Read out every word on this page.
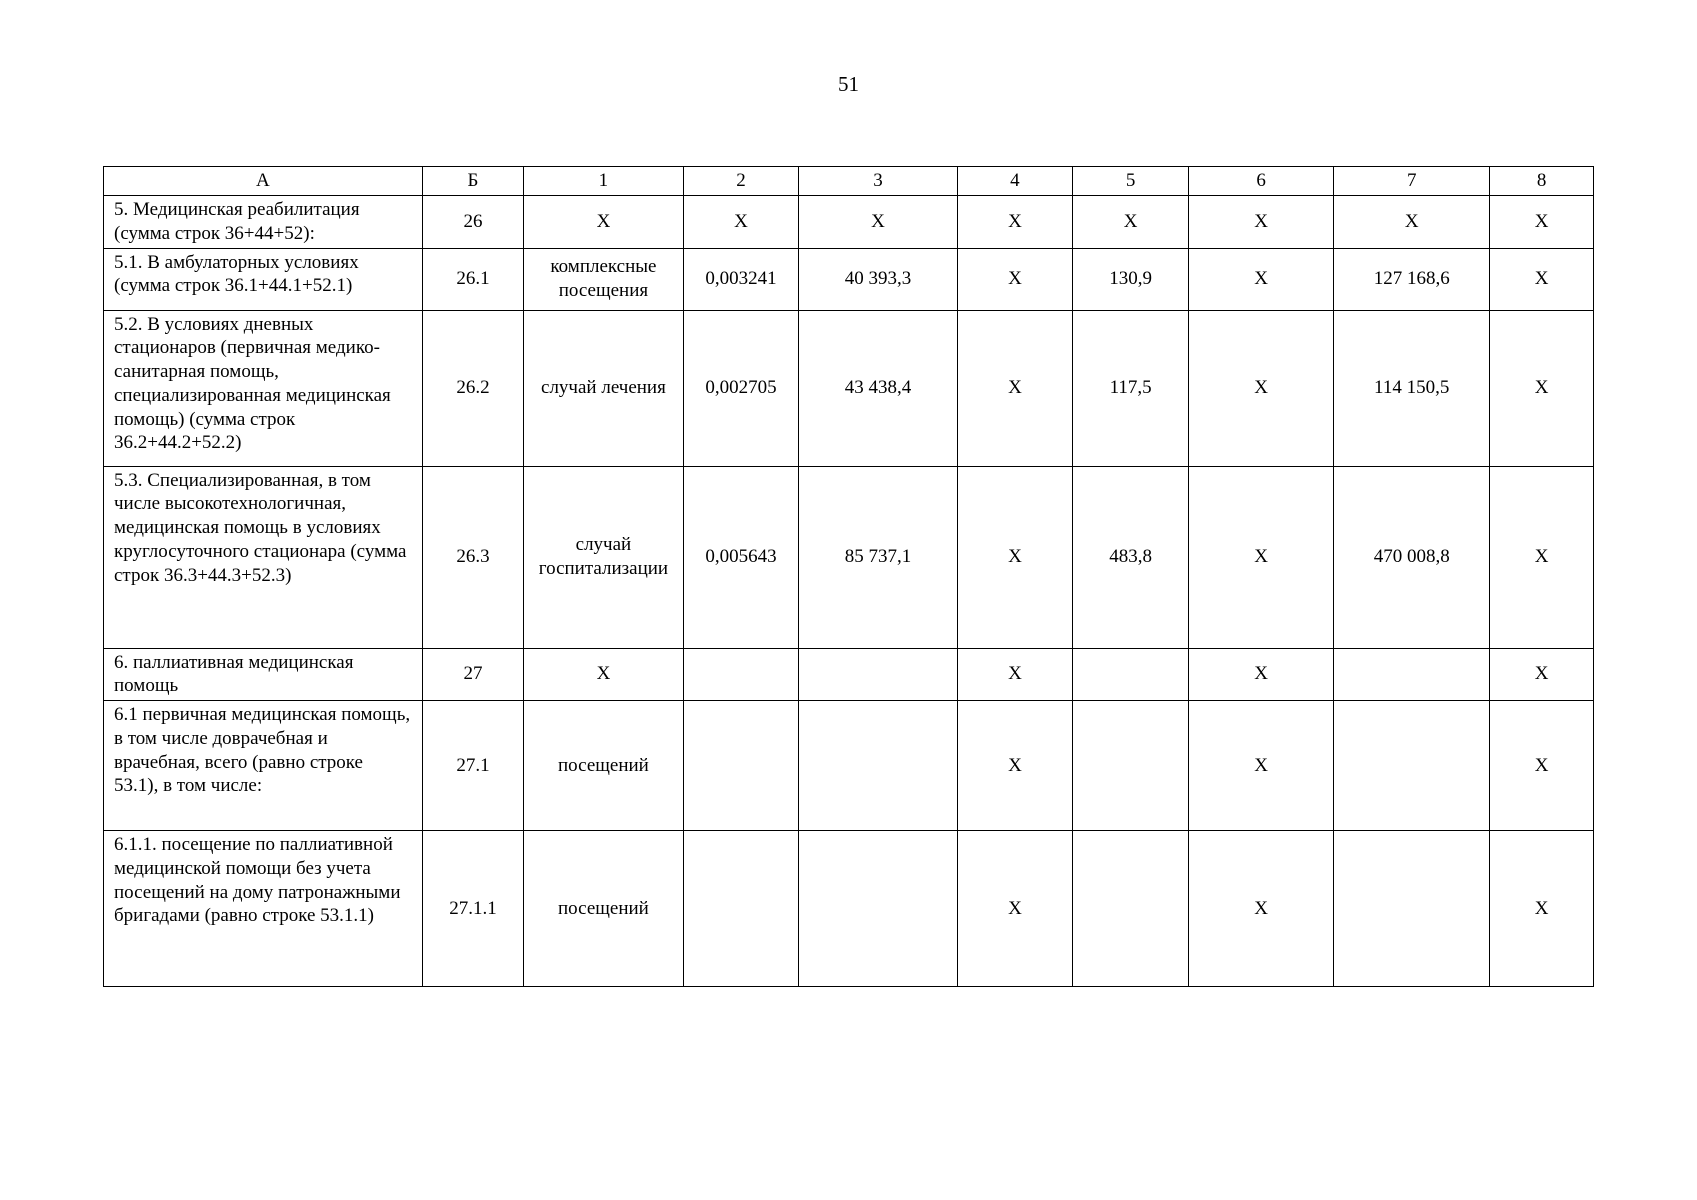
51
А	Б	1	2	3	4	5	6	7	8
5. Медицинская реабилитация (сумма строк 36+44+52):	26	Х	Х	Х	Х	Х	Х	Х	Х
5.1. В амбулаторных условиях (сумма строк 36.1+44.1+52.1)	26.1	комплексные посещения	0,003241	40 393,3	Х	130,9	Х	127 168,6	Х
5.2. В условиях дневных стационаров (первичная медико-санитарная помощь, специализированная медицинская помощь) (сумма строк 36.2+44.2+52.2)	26.2	случай лечения	0,002705	43 438,4	Х	117,5	Х	114 150,5	Х
5.3. Специализированная, в том числе высокотехнологичная, медицинская помощь в условиях круглосуточного стационара (сумма строк 36.3+44.3+52.3)	26.3	случай госпитализации	0,005643	85 737,1	Х	483,8	Х	470 008,8	Х
6. паллиативная медицинская помощь	27	Х			Х		Х		Х
6.1 первичная медицинская помощь, в том числе доврачебная и врачебная, всего (равно строке 53.1), в том числе:	27.1	посещений			Х		Х		Х
6.1.1. посещение по паллиативной медицинской помощи без учета посещений на дому патронажными бригадами (равно строке 53.1.1)	27.1.1	посещений			Х		Х		Х
